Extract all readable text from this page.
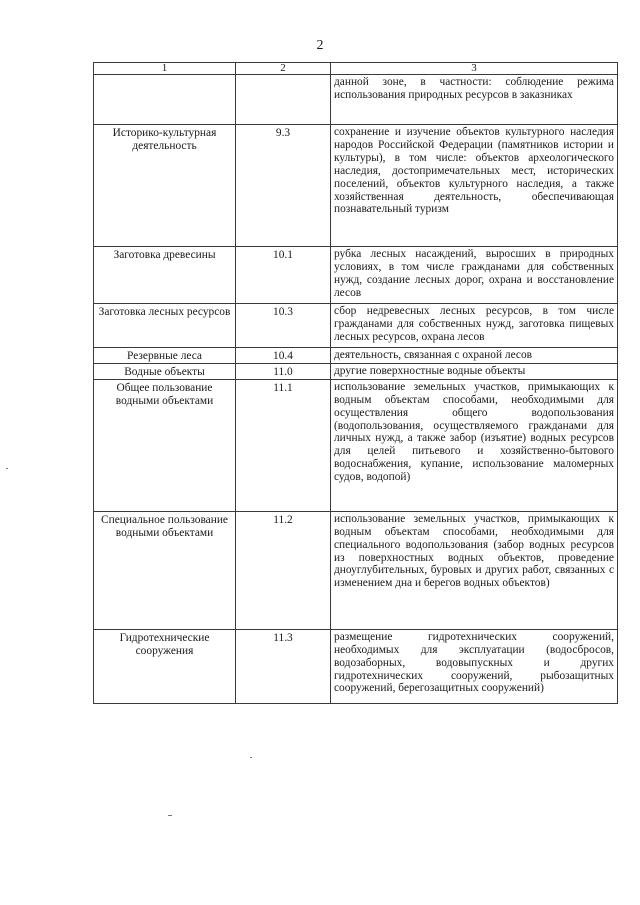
2
1	2	3
		данной зоне, в частности: соблюдение режима использования природных ресурсов в заказниках
Историко-культурная деятельность	9.3	сохранение и изучение объектов культурного наследия народов Российской Федерации (памятников истории и культуры), в том числе: объектов археологического наследия, достопримечательных мест, исторических поселений, объектов культурного наследия, а также хозяйственная деятельность, обеспечивающая познавательный туризм
Заготовка древесины	10.1	рубка лесных насаждений, выросших в природных условиях, в том числе гражданами для собственных нужд, создание лесных дорог, охрана и восстановление лесов
Заготовка лесных ресурсов	10.3	сбор недревесных лесных ресурсов, в том числе гражданами для собственных нужд, заготовка пищевых лесных ресурсов, охрана лесов
Резервные леса	10.4	деятельность, связанная с охраной лесов
Водные объекты	11.0	другие поверхностные водные объекты
Общее пользование водными объектами	11.1	использование земельных участков, примыкающих к водным объектам способами, необходимыми для осуществления общего водопользования (водопользования, осуществляемого гражданами для личных нужд, а также забор (изъятие) водных ресурсов для целей питьевого и хозяйственно-бытового водоснабжения, купание, использование маломерных судов, водопой)
Специальное пользование водными объектами	11.2	использование земельных участков, примыкающих к водным объектам способами, необходимыми для специального водопользования (забор водных ресурсов из поверхностных водных объектов, проведение дноуглубительных, буровых и других работ, связанных с изменением дна и берегов водных объектов)
Гидротехнические сооружения	11.3	размещение гидротехнических сооружений, необходимых для эксплуатации (водосбросов, водозаборных, водовыпускных и других гидротехнических сооружений, рыбозащитных сооружений, берегозащитных сооружений)
